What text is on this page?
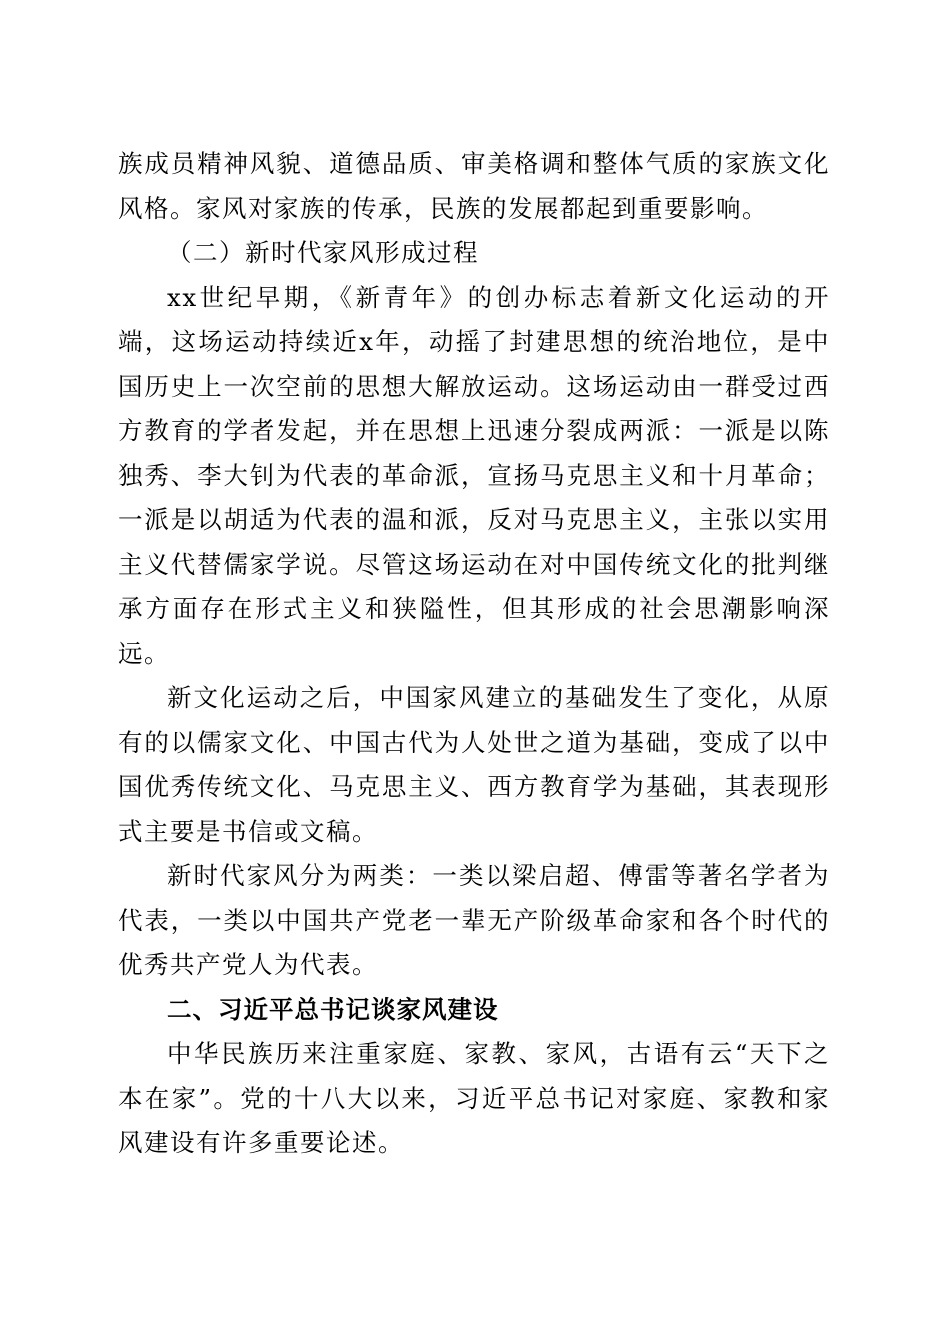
族成员精神风貌、道德品质、审美格调和整体气质的家族文化风格。家风对家族的传承，民族的发展都起到重要影响。

（二）新时代家风形成过程

xx世纪早期，《新青年》的创办标志着新文化运动的开端，这场运动持续近x年，动摇了封建思想的统治地位，是中国历史上一次空前的思想大解放运动。这场运动由一群受过西方教育的学者发起，并在思想上迅速分裂成两派：一派是以陈独秀、李大钊为代表的革命派，宣扬马克思主义和十月革命；一派是以胡适为代表的温和派，反对马克思主义，主张以实用主义代替儒家学说。尽管这场运动在对中国传统文化的批判继承方面存在形式主义和狭隘性，但其形成的社会思潮影响深远。

新文化运动之后，中国家风建立的基础发生了变化，从原有的以儒家文化、中国古代为人处世之道为基础，变成了以中国优秀传统文化、马克思主义、西方教育学为基础，其表现形式主要是书信或文稿。

新时代家风分为两类：一类以梁启超、傅雷等著名学者为代表，一类以中国共产党老一辈无产阶级革命家和各个时代的优秀共产党人为代表。

二、习近平总书记谈家风建设

中华民族历来注重家庭、家教、家风，古语有云“天下之本在家”。党的十八大以来，习近平总书记对家庭、家教和家风建设有许多重要论述。
